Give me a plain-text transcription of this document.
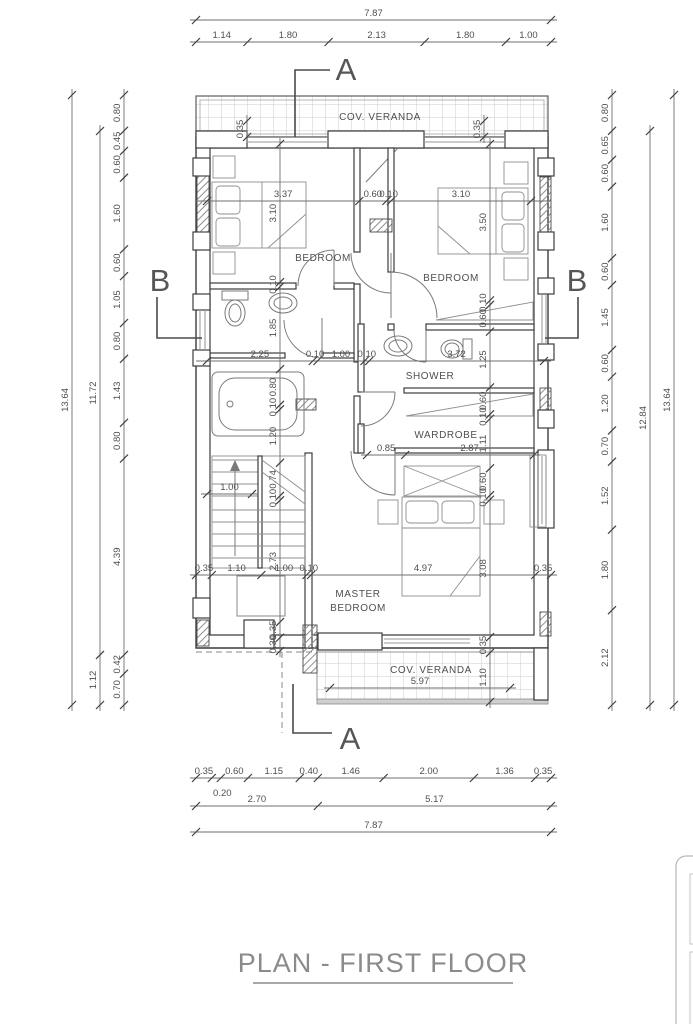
PLAN - FIRST FLOOR
7.87
1.14	1.80	2.13	1.80	1.00
0.35
0.20
0.60 1.15 0.40 1.46	2.00	1.36 0.35
2.70	5.17
7.87
13.64 11.72
1.12
0.80
0.45
0.60
1.60
0.60
1.05
0.80
1.43
0.80
4.39
0.42
0.70
0.80
0.65
0.60
1.60
0.60
1.45
0.60
1.20
0.70
1.52
1.80
2.12
12.84
13.64
3.37	0.60
0.10	3.10
2.25	0.10 1.00 0.10	3.72
0.85	2.87
0.35 1.10	1.00 0.10	4.97	0.35
3.10
0.10
1.85
0.80
0.10
1.20
0.74
0.10
2.73
0.35
0.30
3.50
0.10
0.60
1.25
0.60
0.10
1.11
0.60
0.10
3.08
0.35
1.10
1.00
0.35	0.35
5.97
COV. VERANDA
BEDROOM
BEDROOM
SHOWER
WARDROBE
MASTER
BEDROOM
COV. VERANDA
A
A
B	B
